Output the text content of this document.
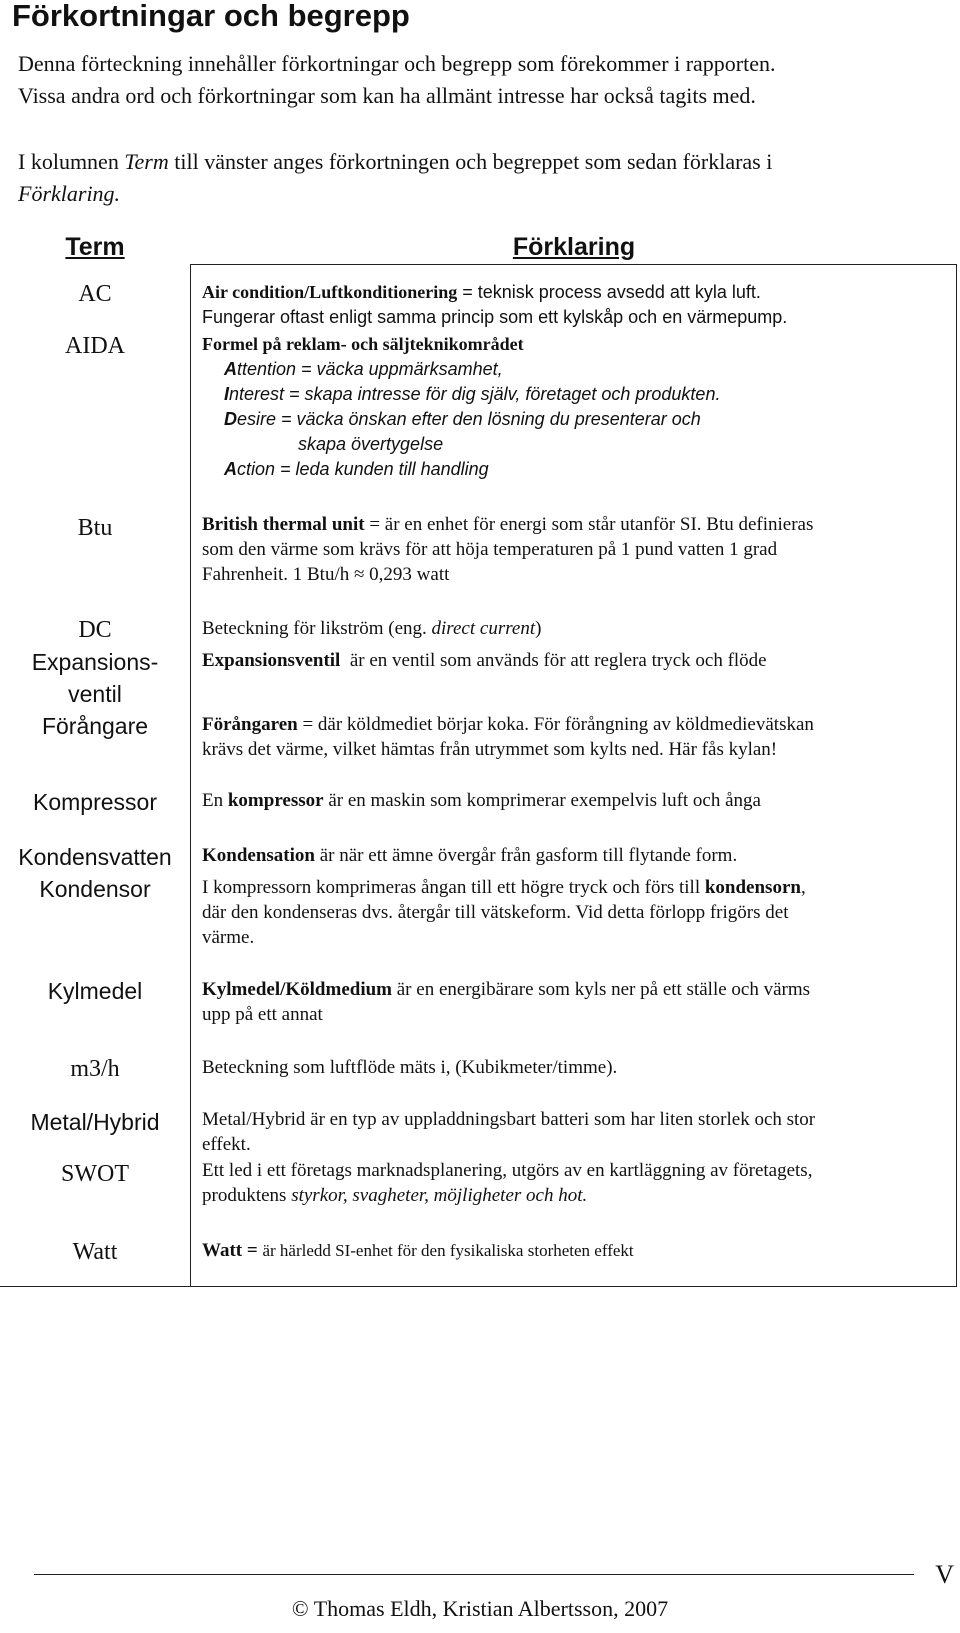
Förkortningar och begrepp
Denna förteckning innehåller förkortningar och begrepp som förekommer i rapporten.
Vissa andra ord och förkortningar som kan ha allmänt intresse har också tagits med.
I kolumnen Term till vänster anges förkortningen och begreppet som sedan förklaras i
Förklaring.
Term	Förklaring
AC
AIDA
Btu
DC
Expansions-
ventil
Förångare
Kompressor
Kondensvatten
Kondensor
Kylmedel
m3/h
Metal/Hybrid
SWOT
Watt
Air condition/Luftkonditionering = teknisk process avsedd att kyla luft.
Fungerar oftast enligt samma princip som ett kylskåp och en värmepump.
Formel på reklam- och säljteknikområdet
Attention = väcka uppmärksamhet,
Interest = skapa intresse för dig själv, företaget och produkten.
Desire = väcka önskan efter den lösning du presenterar och
skapa övertygelse
Action = leda kunden till handling
British thermal unit = är en enhet för energi som står utanför SI. Btu definieras
som den värme som krävs för att höja temperaturen på 1 pund vatten 1 grad
Fahrenheit. 1 Btu/h ≈ 0,293 watt
Beteckning för likström (eng. direct current)
Expansionsventil  är en ventil som används för att reglera tryck och flöde
Förångaren = där köldmediet börjar koka. För förångning av köldmedievätskan
krävs det värme, vilket hämtas från utrymmet som kylts ned. Här fås kylan!
En kompressor är en maskin som komprimerar exempelvis luft och ånga
Kondensation är när ett ämne övergår från gasform till flytande form.
I kompressorn komprimeras ångan till ett högre tryck och förs till kondensorn,
där den kondenseras dvs. återgår till vätskeform. Vid detta förlopp frigörs det
värme.
Kylmedel/Köldmedium är en energibärare som kyls ner på ett ställe och värms
upp på ett annat
Beteckning som luftflöde mäts i, (Kubikmeter/timme).
Metal/Hybrid är en typ av uppladdningsbart batteri som har liten storlek och stor
effekt.
Ett led i ett företags marknadsplanering, utgörs av en kartläggning av företagets,
produktens styrkor, svagheter, möjligheter och hot.
Watt = är härledd SI-enhet för den fysikaliska storheten effekt
V
© Thomas Eldh, Kristian Albertsson, 2007
